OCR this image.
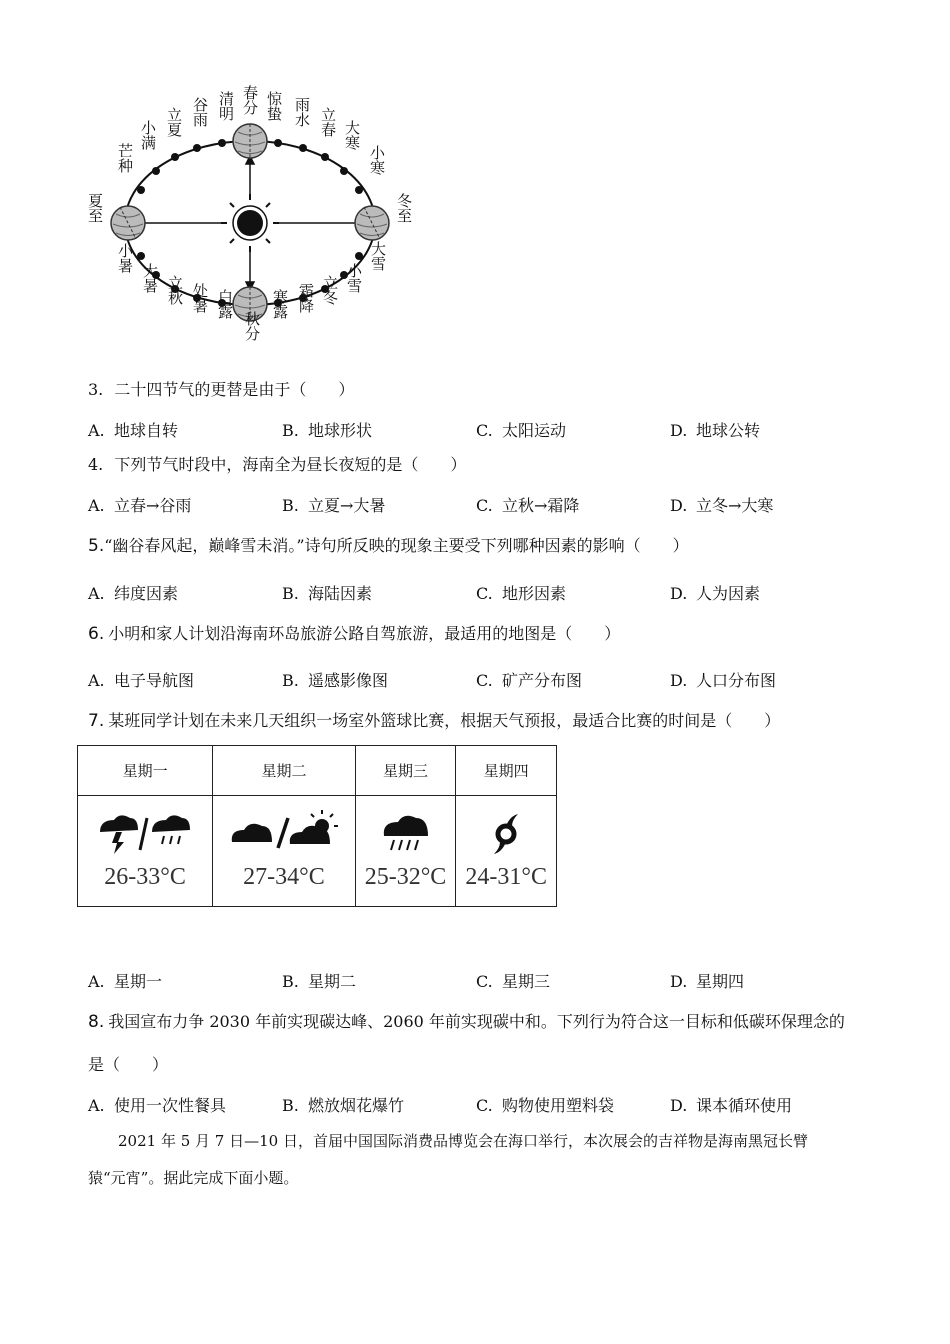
春分
清明
谷雨
立夏
小满
芒种
惊蛰 雨水 立春 大寒
小寒
夏至	冬至
小暑
大暑 立秋 处暑 白露
秋分
寒露 霜降 立冬 小雪
大雪
3. 二十四节气的更替是由于（　　）
A. 地球自转	B. 地球形状	C. 太阳运动	D. 地球公转
4. 下列节气时段中，海南全为昼长夜短的是（　　）
A. 立春→谷雨	B. 立夏→大暑	C. 立秋→霜降	D. 立冬→大寒
5.“幽谷春风起，巅峰雪未消。”诗句所反映的现象主要受下列哪种因素的影响（　　）
A. 纬度因素	B. 海陆因素	C. 地形因素	D. 人为因素
6. 小明和家人计划沿海南环岛旅游公路自驾旅游，最适用的地图是（　　）
A. 电子导航图	B. 遥感影像图	C. 矿产分布图	D. 人口分布图
7. 某班同学计划在未来几天组织一场室外篮球比赛，根据天气预报，最适合比赛的时间是（　　）
星期一	星期二	星期三	星期四

26-33°C	27-34°C	25-32°C	24-31°C
A. 星期一	B. 星期二	C. 星期三	D. 星期四
8. 我国宣布力争 2030 年前实现碳达峰、2060 年前实现碳中和。下列行为符合这一目标和低碳环保理念的
是（　　）
A. 使用一次性餐具	B. 燃放烟花爆竹	C. 购物使用塑料袋	D. 课本循环使用
2021 年 5 月 7 日—10 日，首届中国国际消费品博览会在海口举行，本次展会的吉祥物是海南黑冠长臂
猿“元宵”。据此完成下面小题。
